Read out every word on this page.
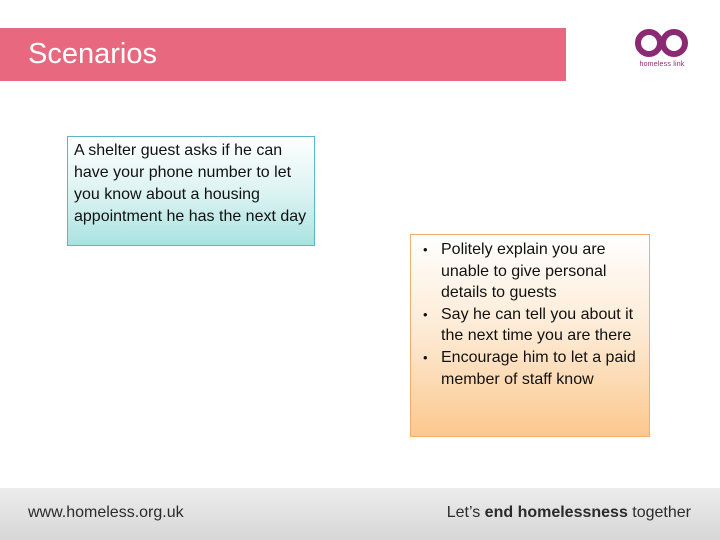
Scenarios	homeless link
A shelter guest asks if he can have your phone number to let you know about a housing appointment he has the next day
• Politely explain you are unable to give personal details to guests
• Say he can tell you about it the next time you are there
• Encourage him to let a paid member of staff know
www.homeless.org.uk	Let’s end homelessness together
